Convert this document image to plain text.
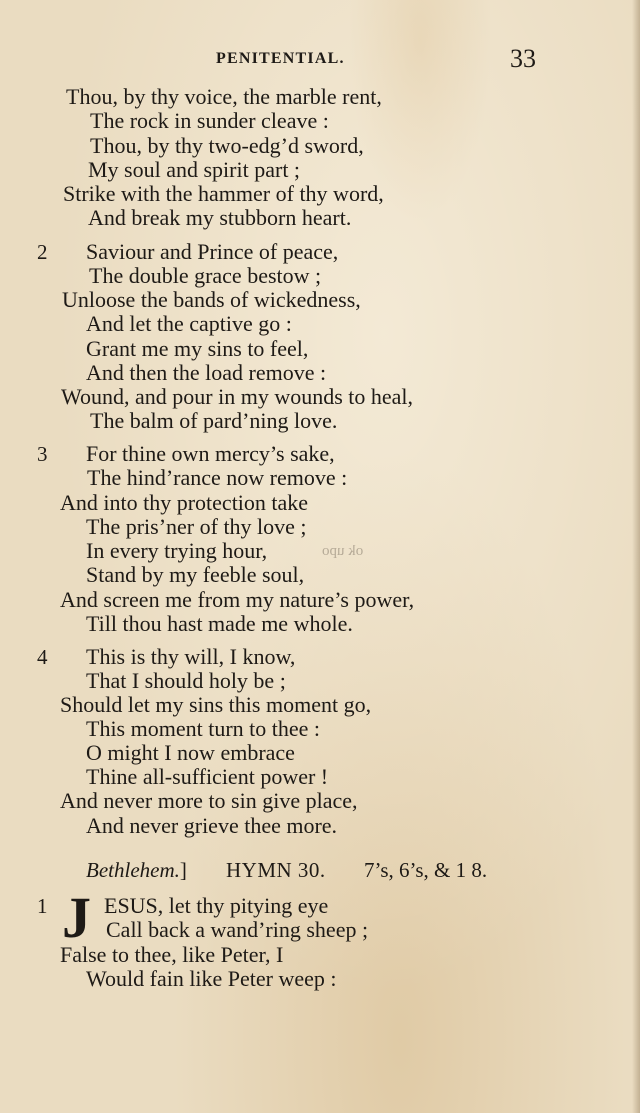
PENITENTIAL.	33
Thou, by thy voice, the marble rent,
The rock in sunder cleave :
Thou, by thy two-edg’d sword,
My soul and spirit part ;
Strike with the hammer of thy word,
And break my stubborn heart.
2 Saviour and Prince of peace,
The double grace bestow ;
Unloose the bands of wickedness,
And let the captive go :
Grant me my sins to feel,
And then the load remove :
Wound, and pour in my wounds to heal,
The balm of pard’ning love.
3 For thine own mercy’s sake,
The hind’rance now remove :
And into thy protection take
The pris’ner of thy love ;
In every trying hour,
Stand by my feeble soul,
And screen me from my nature’s power,
Till thou hast made me whole.
4 This is thy will, I know,
That I should holy be ;
Should let my sins this moment go,
This moment turn to thee :
O might I now embrace
Thine all-sufficient power !
And never more to sin give place,
And never grieve thee more.
ok upo
Bethlehem.] HYMN 30. 7’s, 6’s, & 1 8.
1 J ESUS, let thy pitying eye
Call back a wand’ring sheep ;
False to thee, like Peter, I
Would fain like Peter weep :
